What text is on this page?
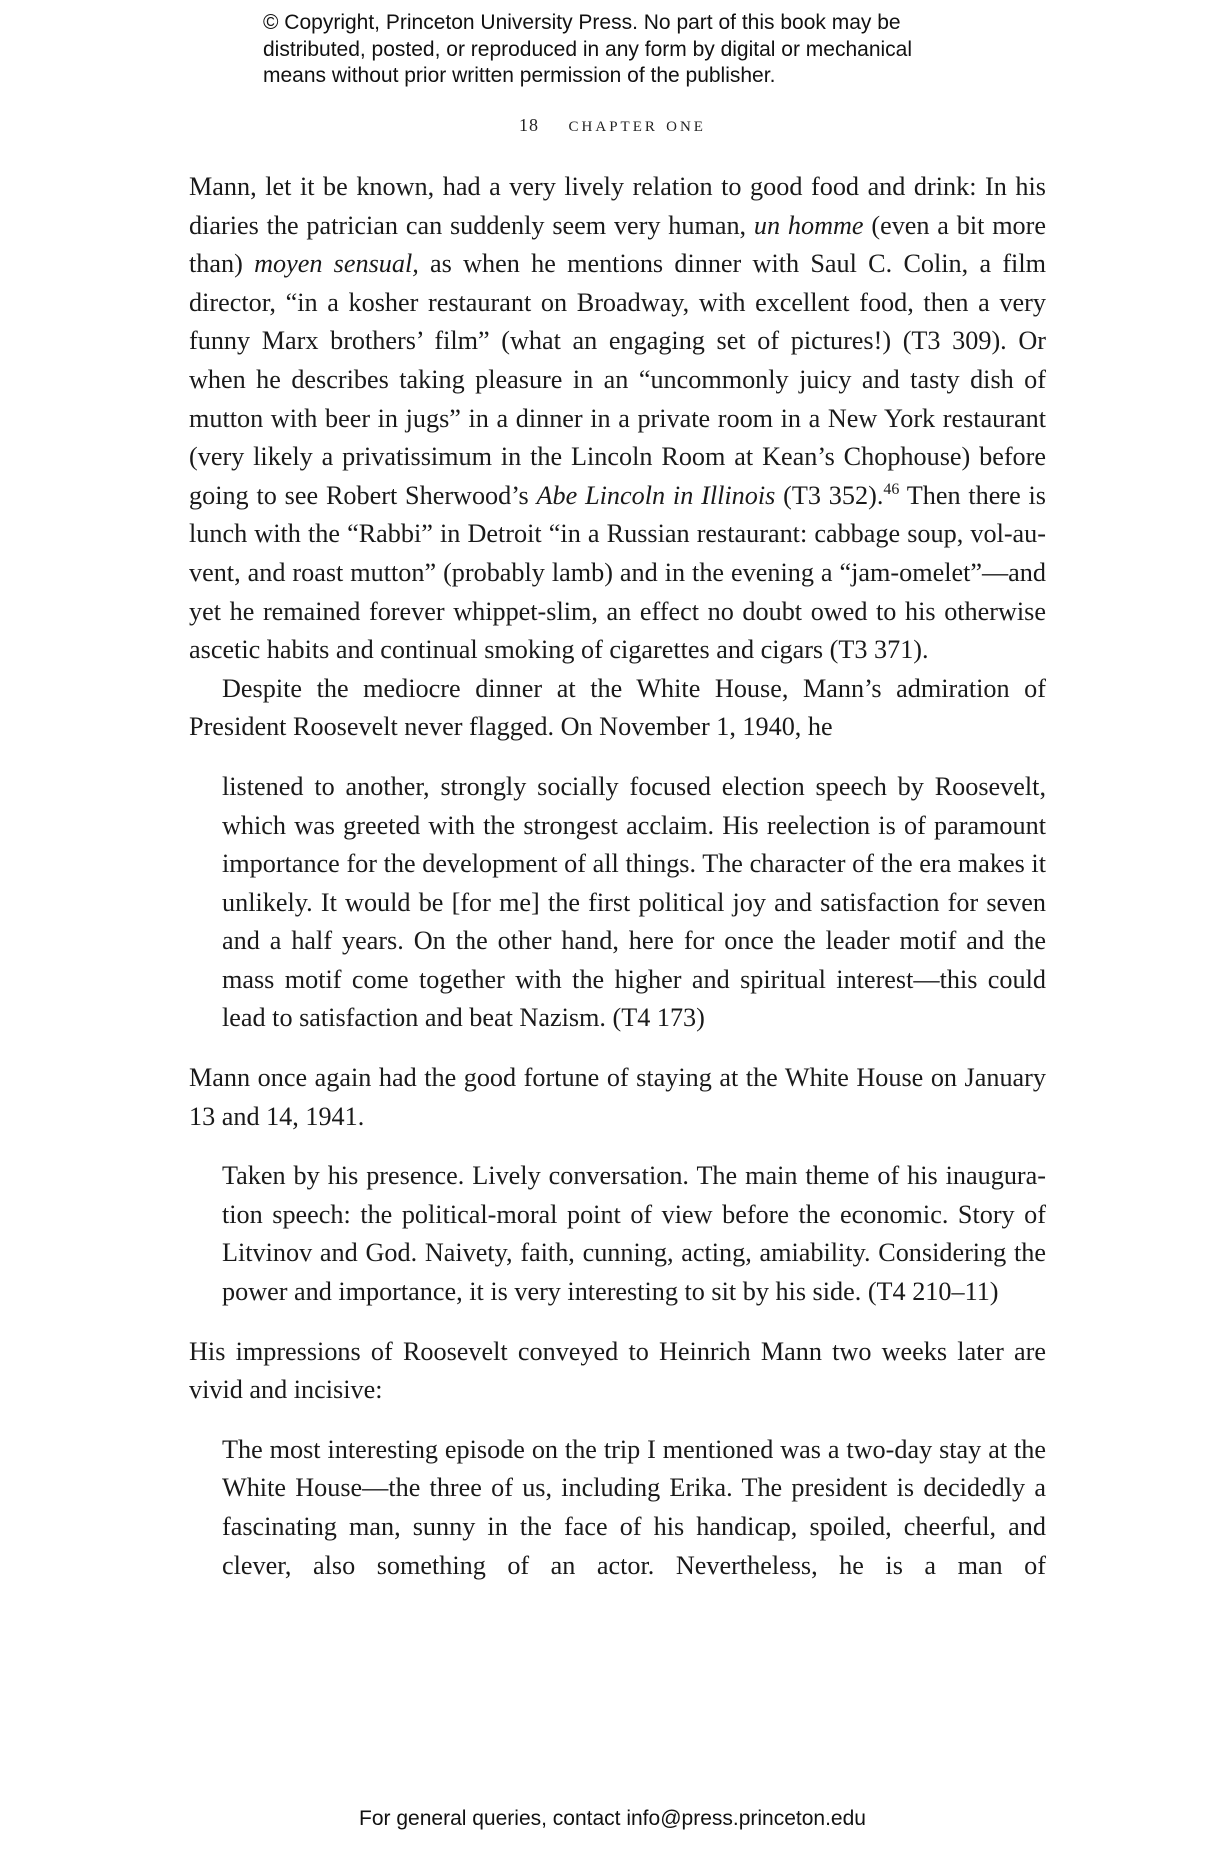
© Copyright, Princeton University Press. No part of this book may be
distributed, posted, or reproduced in any form by digital or mechanical
means without prior written permission of the publisher.
18 chapter one

Mann, let it be known, had a very lively relation to good food and drink: In his diaries the patrician can suddenly seem very human, un homme (even a bit more than) moyen sensual, as when he mentions dinner with Saul C. Colin, a film director, “in a kosher restaurant on Broadway, with excellent food, then a very funny Marx brothers’ film” (what an engaging set of pictures!) (T3 309). Or when he describes taking pleasure in an “uncommonly juicy and tasty dish of mutton with beer in jugs” in a dinner in a private room in a New York restaurant (very likely a privatissimum in the Lincoln Room at Kean’s Chophouse) before going to see Robert Sherwood’s Abe Lincoln in Illinois (T3 352).$^{46}$ Then there is lunch with the “Rabbi” in Detroit “in a Russian restaurant: cabbage soup, vol-au-vent, and roast mutton” (probably lamb) and in the evening a “jam-omelet”—and yet he remained forever whippet-slim, an effect no doubt owed to his otherwise ascetic habits and continual smoking of cigarettes and cigars (T3 371).

Despite the mediocre dinner at the White House, Mann’s admiration of President Roosevelt never flagged. On November 1, 1940, he

listened to another, strongly socially focused election speech by Roosevelt, which was greeted with the strongest acclaim. His reelection is of paramount importance for the development of all things. The character of the era makes it unlikely. It would be [for me] the first political joy and satisfaction for seven and a half years. On the other hand, here for once the leader motif and the mass motif come together with the higher and spiritual interest—this could lead to satisfaction and beat Nazism. (T4 173)

Mann once again had the good fortune of staying at the White House on January 13 and 14, 1941.

Taken by his presence. Lively conversation. The main theme of his inauguration speech: the political-moral point of view before the economic. Story of Litvinov and God. Naivety, faith, cunning, acting, amiability. Considering the power and importance, it is very interesting to sit by his side. (T4 210–11)

His impressions of Roosevelt conveyed to Heinrich Mann two weeks later are vivid and incisive:

The most interesting episode on the trip I mentioned was a two-day stay at the White House—the three of us, including Erika. The president is decidedly a fascinating man, sunny in the face of his handicap, spoiled, cheerful, and clever, also something of an actor. Nevertheless, he is a man of

For general queries, contact info@press.princeton.edu
